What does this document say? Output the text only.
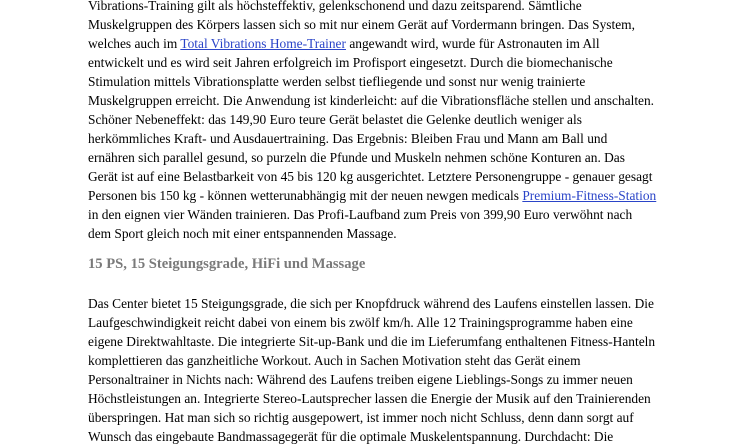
Vibrations-Training gilt als höchsteffektiv, gelenkschonend und dazu zeitsparend. Sämtliche
Muskelgruppen des Körpers lassen sich so mit nur einem Gerät auf Vordermann bringen. Das System,
welches auch im Total Vibrations Home-Trainer angewandt wird, wurde für Astronauten im All
entwickelt und es wird seit Jahren erfolgreich im Profisport eingesetzt. Durch die biomechanische
Stimulation mittels Vibrationsplatte werden selbst tiefliegende und sonst nur wenig trainierte
Muskelgruppen erreicht. Die Anwendung ist kinderleicht: auf die Vibrationsfläche stellen und anschalten.
Schöner Nebeneffekt: das 149,90 Euro teure Gerät belastet die Gelenke deutlich weniger als
herkömmliches Kraft- und Ausdauertraining. Das Ergebnis: Bleiben Frau und Mann am Ball und
ernähren sich parallel gesund, so purzeln die Pfunde und Muskeln nehmen schöne Konturen an. Das
Gerät ist auf eine Belastbarkeit von 45 bis 120 kg ausgerichtet. Letztere Personengruppe - genauer gesagt
Personen bis 150 kg - können wetterunabhängig mit der neuen newgen medicals Premium-Fitness-Station
in den eignen vier Wänden trainieren. Das Profi-Laufband zum Preis von 399,90 Euro verwöhnt nach
dem Sport gleich noch mit einer entspannenden Massage.
15 PS, 15 Steigungsgrade, HiFi und Massage
Das Center bietet 15 Steigungsgrade, die sich per Knopfdruck während des Laufens einstellen lassen. Die
Laufgeschwindigkeit reicht dabei von einem bis zwölf km/h. Alle 12 Trainingsprogramme haben eine
eigene Direktwahltaste. Die integrierte Sit-up-Bank und die im Lieferumfang enthaltenen Fitness-Hanteln
komplettieren das ganzheitliche Workout. Auch in Sachen Motivation steht das Gerät einem
Personaltrainer in Nichts nach: Während des Laufens treiben eigene Lieblings-Songs zu immer neuen
Höchstleistungen an. Integrierte Stereo-Lautsprecher lassen die Energie der Musik auf den Trainierenden
überspringen. Hat man sich so richtig ausgepowert, ist immer noch nicht Schluss, denn dann sorgt auf
Wunsch das eingebaute Bandmassagegerät für die optimale Muskelentspannung. Durchdacht: Die
